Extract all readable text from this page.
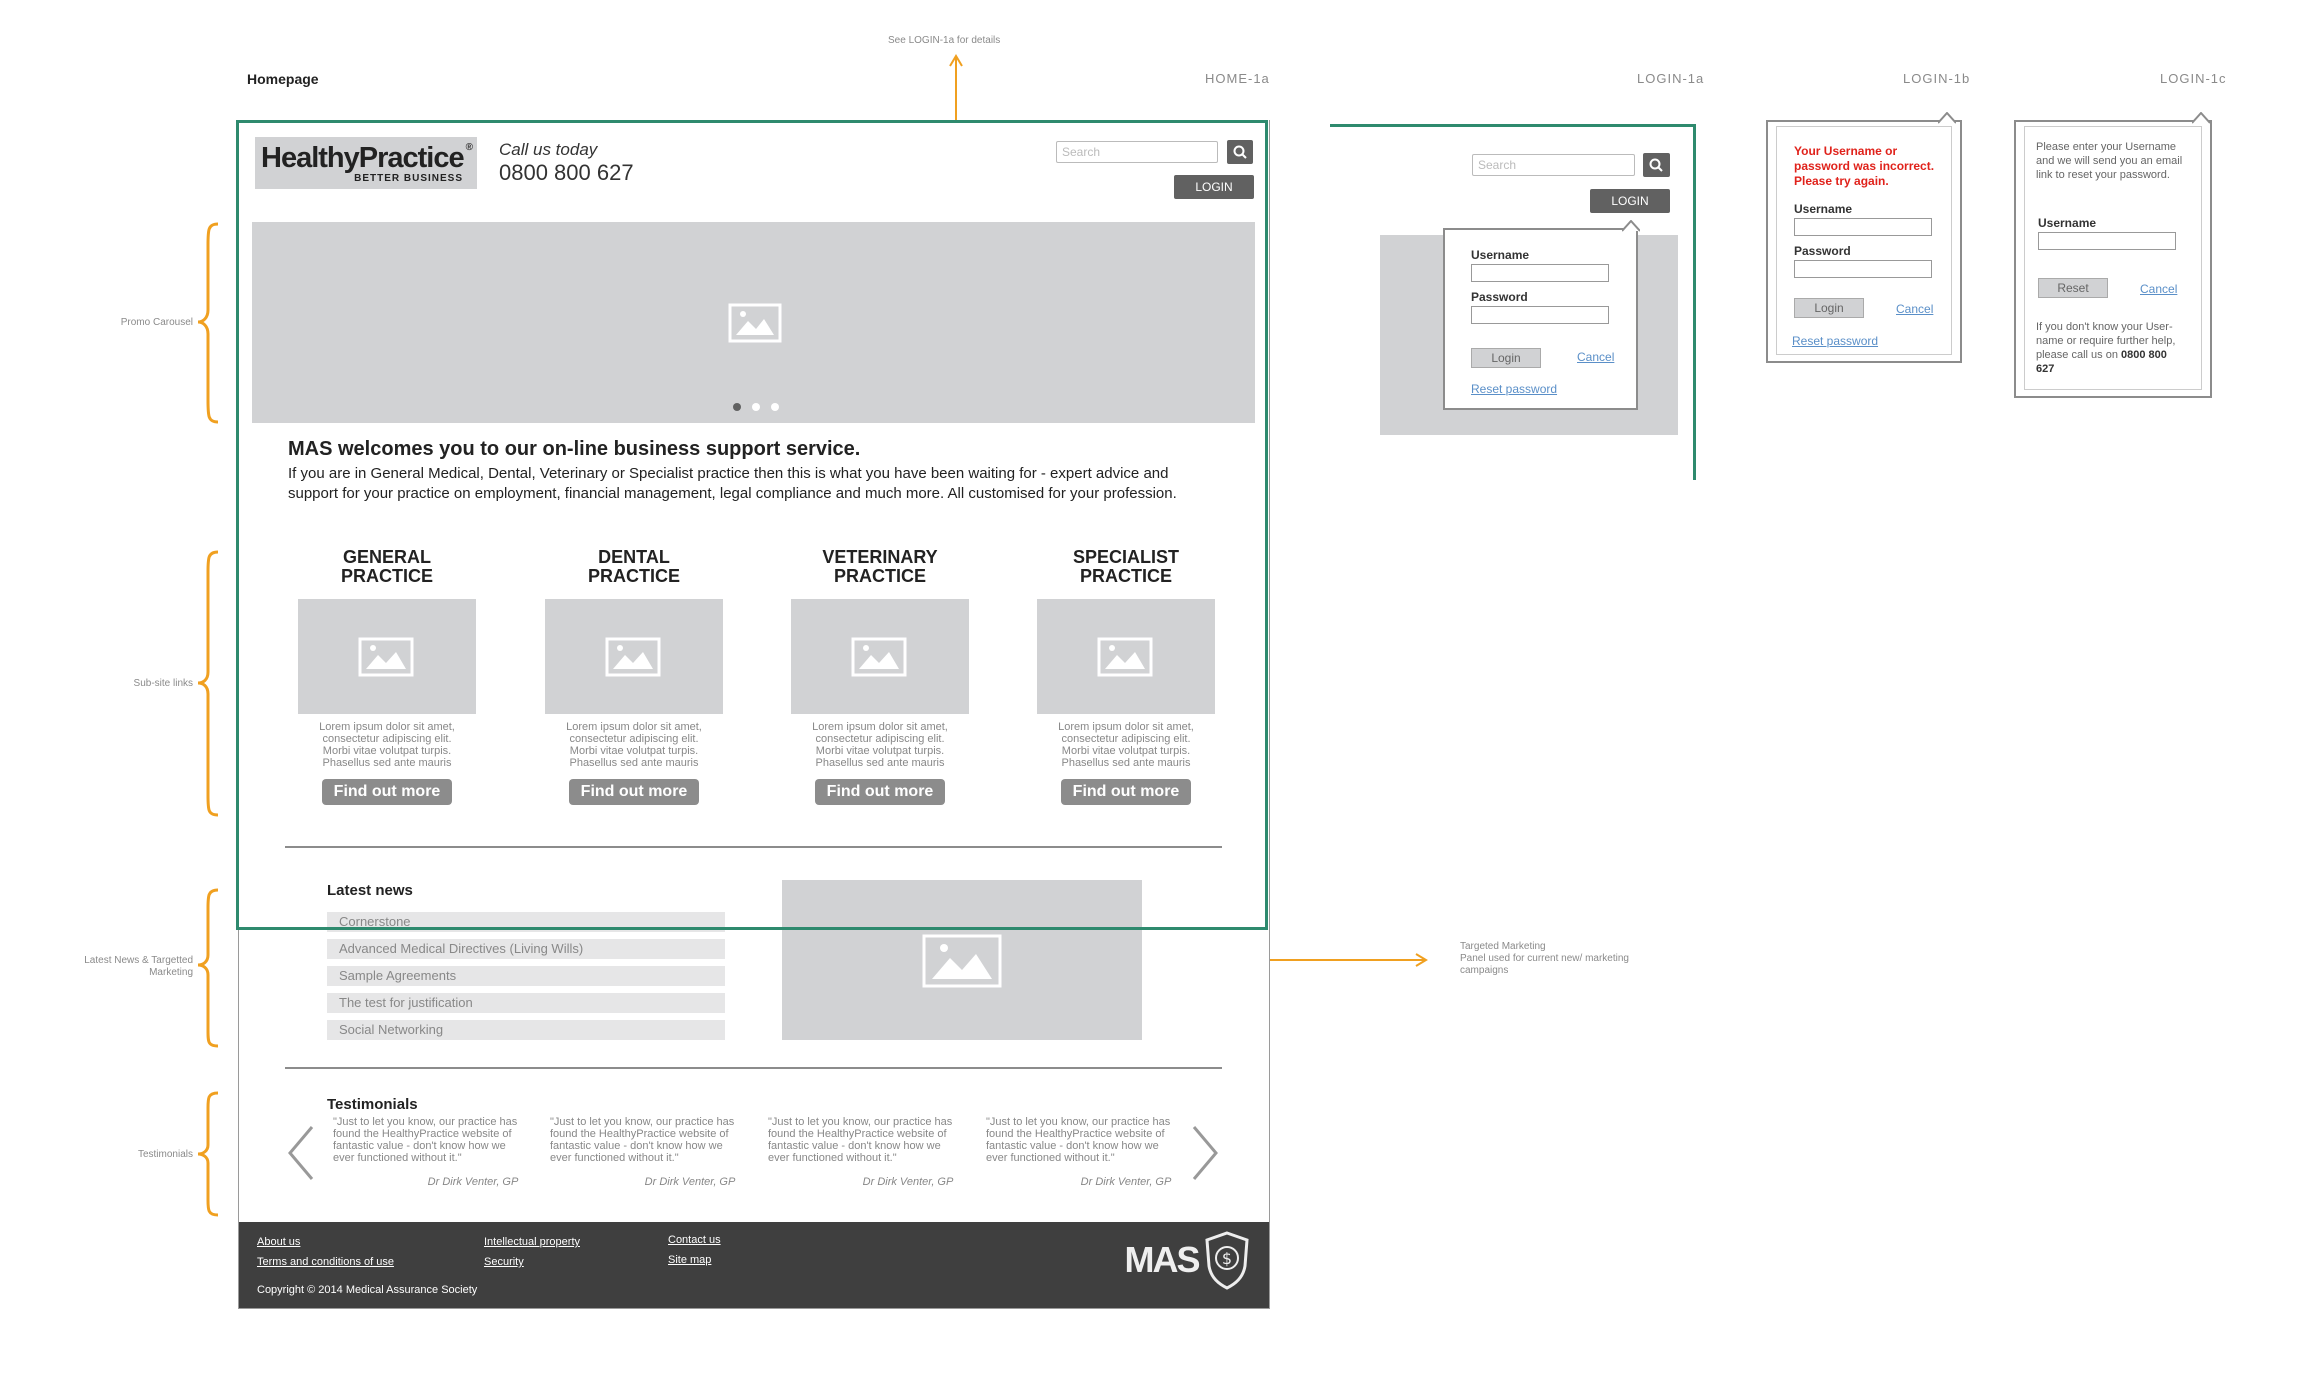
Homepage	HOME-1a	LOGIN-1a	LOGIN-1b	LOGIN-1c
See LOGIN-1a for details
Promo Carousel
Sub-site links
Latest News & Targetted
Marketing
Testimonials
Targeted Marketing
Panel used for current new/ marketing
campaigns
HealthyPractice ®
BETTER BUSINESS
Call us today
0800 800 627
Search
LOGIN
MAS welcomes you to our on-line business support service.
If you are in General Medical, Dental, Veterinary or Specialist practice then this is what you have been waiting for - expert advice and support for your practice on employment, financial management, legal compliance and much more. All customised for your profession.
GENERAL
PRACTICE
Lorem ipsum dolor sit amet,
consectetur adipiscing elit.
Morbi vitae volutpat turpis.
Phasellus sed ante mauris
Find out more
DENTAL
PRACTICE
Lorem ipsum dolor sit amet,
consectetur adipiscing elit.
Morbi vitae volutpat turpis.
Phasellus sed ante mauris
Find out more
VETERINARY
PRACTICE
Lorem ipsum dolor sit amet,
consectetur adipiscing elit.
Morbi vitae volutpat turpis.
Phasellus sed ante mauris
Find out more
SPECIALIST
PRACTICE
Lorem ipsum dolor sit amet,
consectetur adipiscing elit.
Morbi vitae volutpat turpis.
Phasellus sed ante mauris
Find out more
Latest news
Cornerstone
Advanced Medical Directives (Living Wills)
Sample Agreements
The test for justification
Social Networking
Testimonials
"Just to let you know, our practice has
found the HealthyPractice website of
fantastic value - don't know how we
ever functioned without it."
Dr Dirk Venter, GP
"Just to let you know, our practice has
found the HealthyPractice website of
fantastic value - don't know how we
ever functioned without it."
Dr Dirk Venter, GP
"Just to let you know, our practice has
found the HealthyPractice website of
fantastic value - don't know how we
ever functioned without it."
Dr Dirk Venter, GP
"Just to let you know, our practice has
found the HealthyPractice website of
fantastic value - don't know how we
ever functioned without it."
Dr Dirk Venter, GP
About us
Terms and conditions of use
Intellectual property
Security
Contact us
Site map
Copyright © 2014 Medical Assurance Society
MAS $
Search
LOGIN
Username
Password
Login	Cancel
Reset password
Your Username or
password was incorrect.
Please try again.
Username
Password
Login	Cancel
Reset password
Please enter your Username
and we will send you an email
link to reset your password.
Username
Reset	Cancel
If you don't know your User-
name or require further help,
please call us on 0800 800
627
